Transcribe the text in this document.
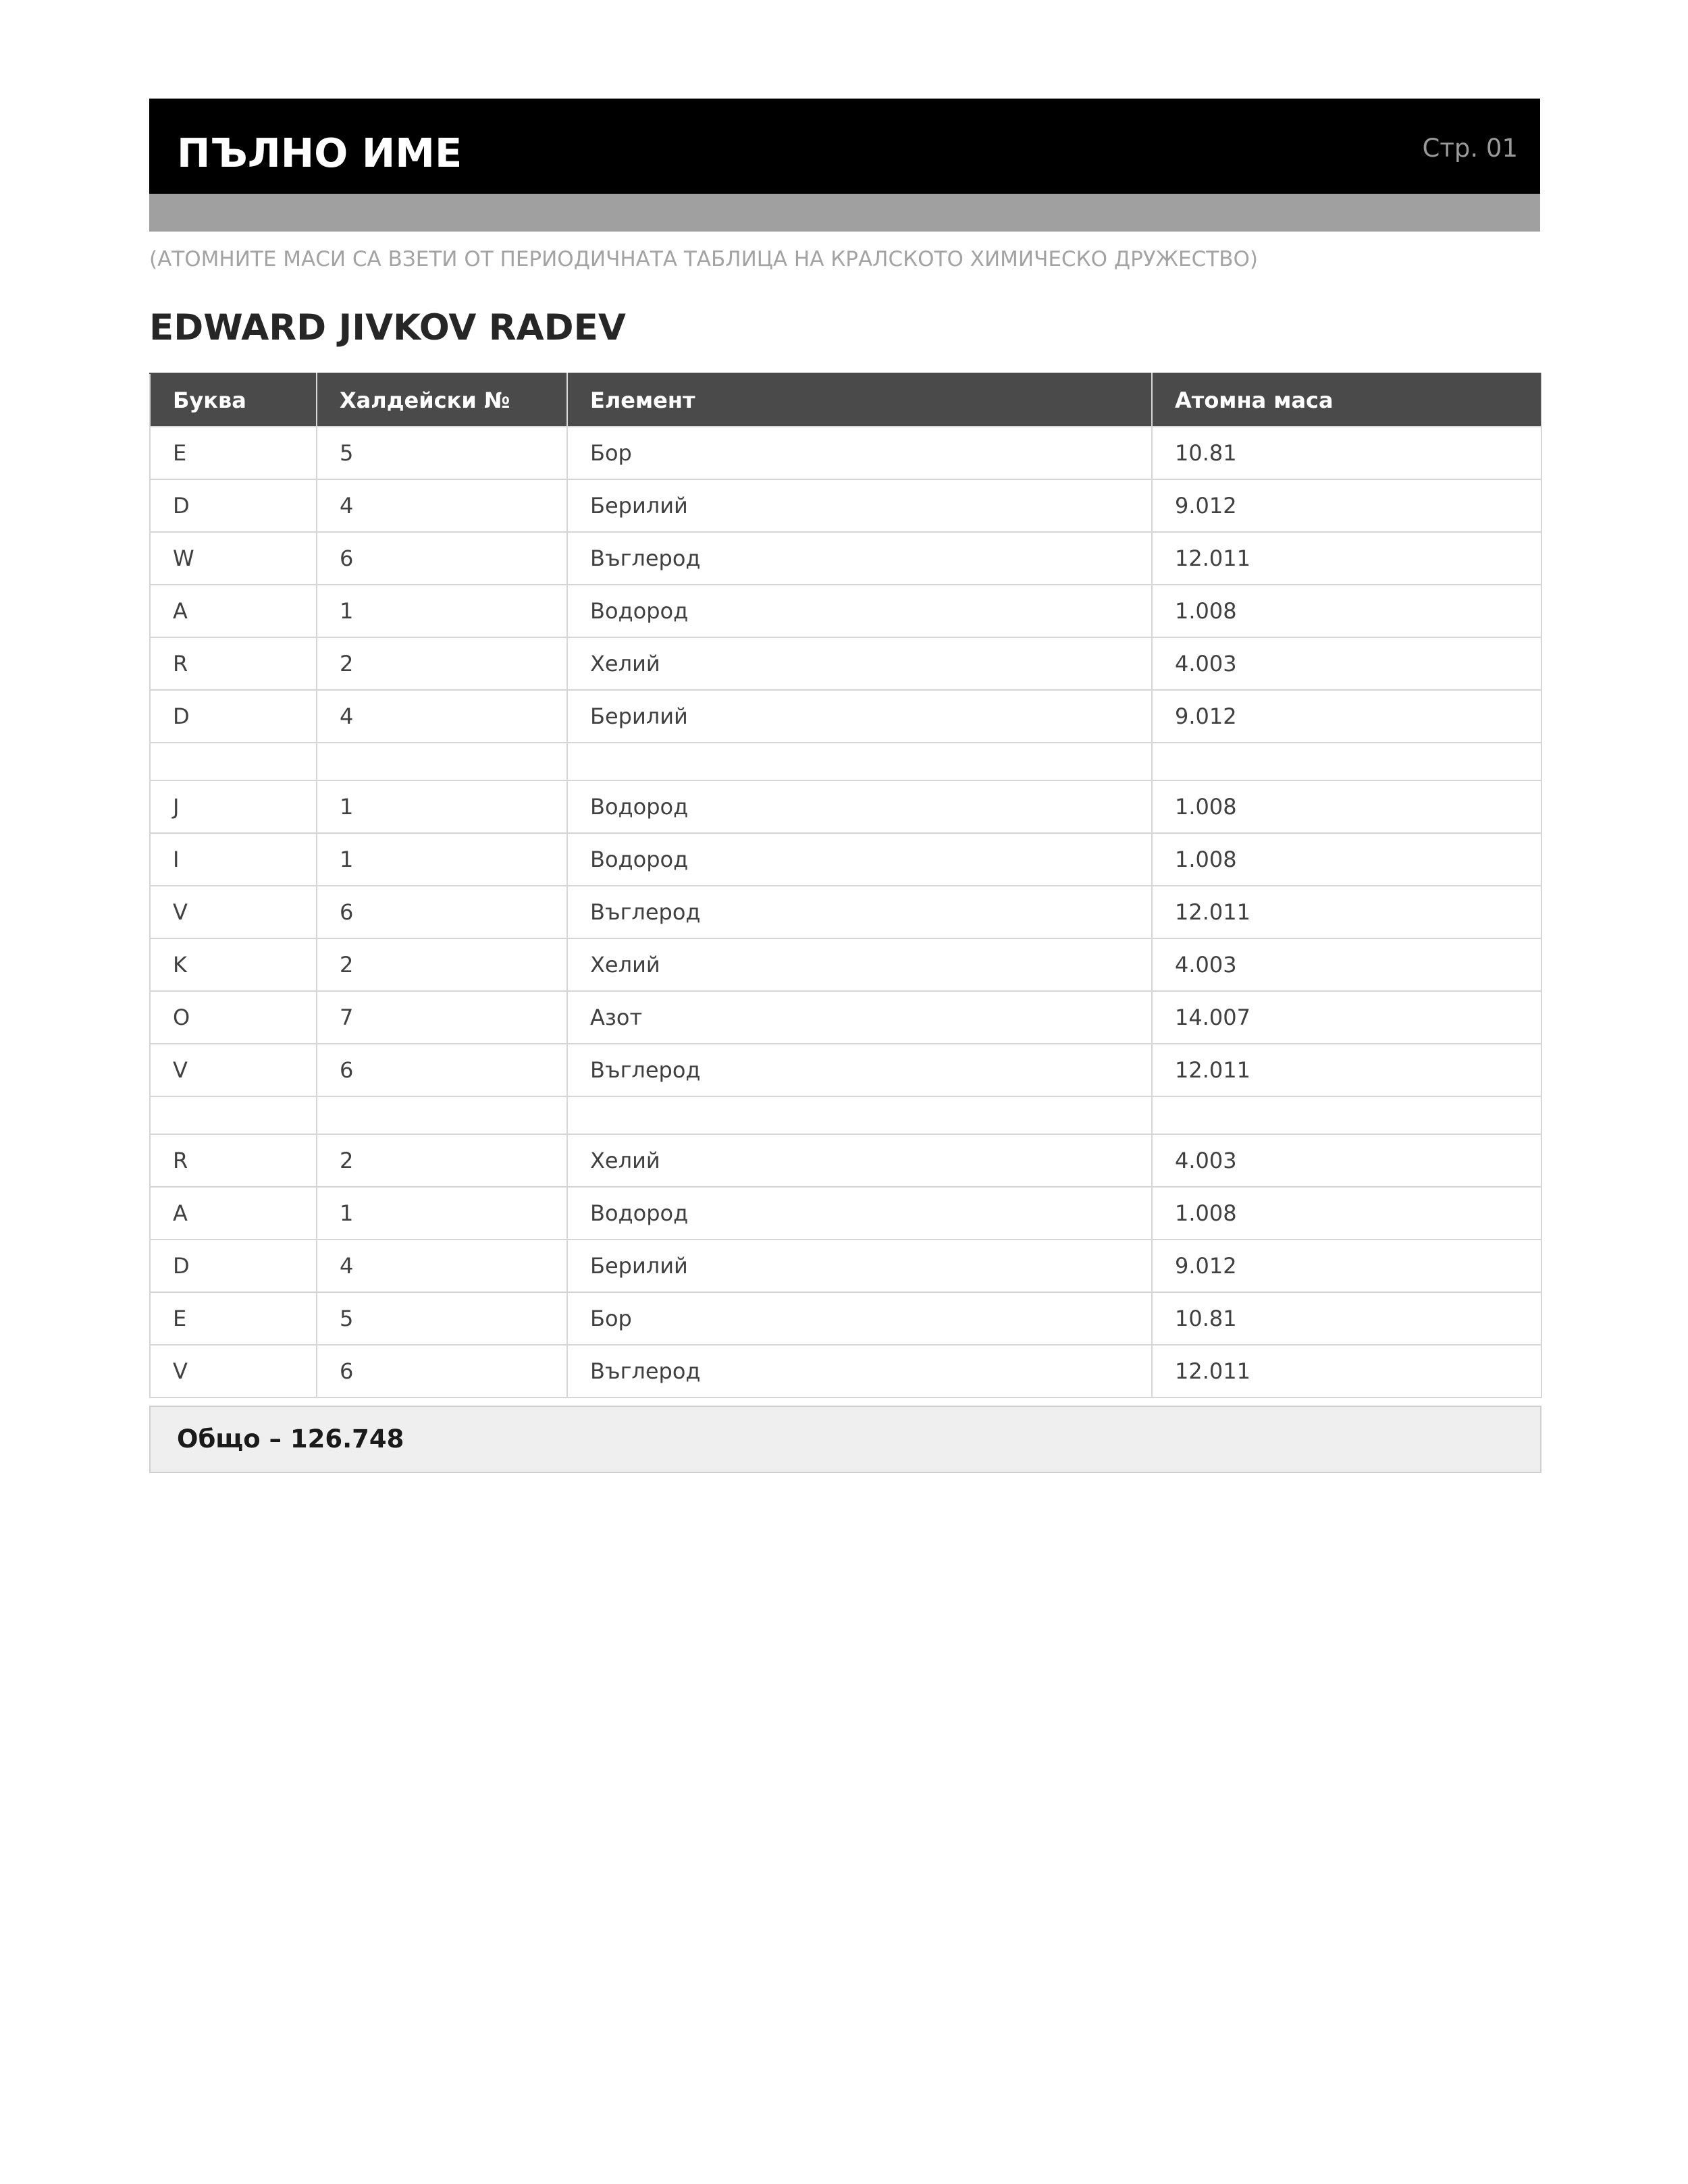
ПЪЛНО ИМЕ	Стр. 01
(АТОМНИТЕ МАСИ СА ВЗЕТИ ОТ ПЕРИОДИЧНАТА ТАБЛИЦА НА КРАЛСКОТО ХИМИЧЕСКО ДРУЖЕСТВО)
EDWARD JIVKOV RADEV
Буква	Халдейски №	Елемент	Атомна маса
E	5	Бор	10.81
D	4	Берилий	9.012
W	6	Въглерод	12.011
A	1	Водород	1.008
R	2	Хелий	4.003
D	4	Берилий	9.012

J	1	Водород	1.008
I	1	Водород	1.008
V	6	Въглерод	12.011
K	2	Хелий	4.003
O	7	Азот	14.007
V	6	Въглерод	12.011

R	2	Хелий	4.003
A	1	Водород	1.008
D	4	Берилий	9.012
E	5	Бор	10.81
V	6	Въглерод	12.011
Общо – 126.748
